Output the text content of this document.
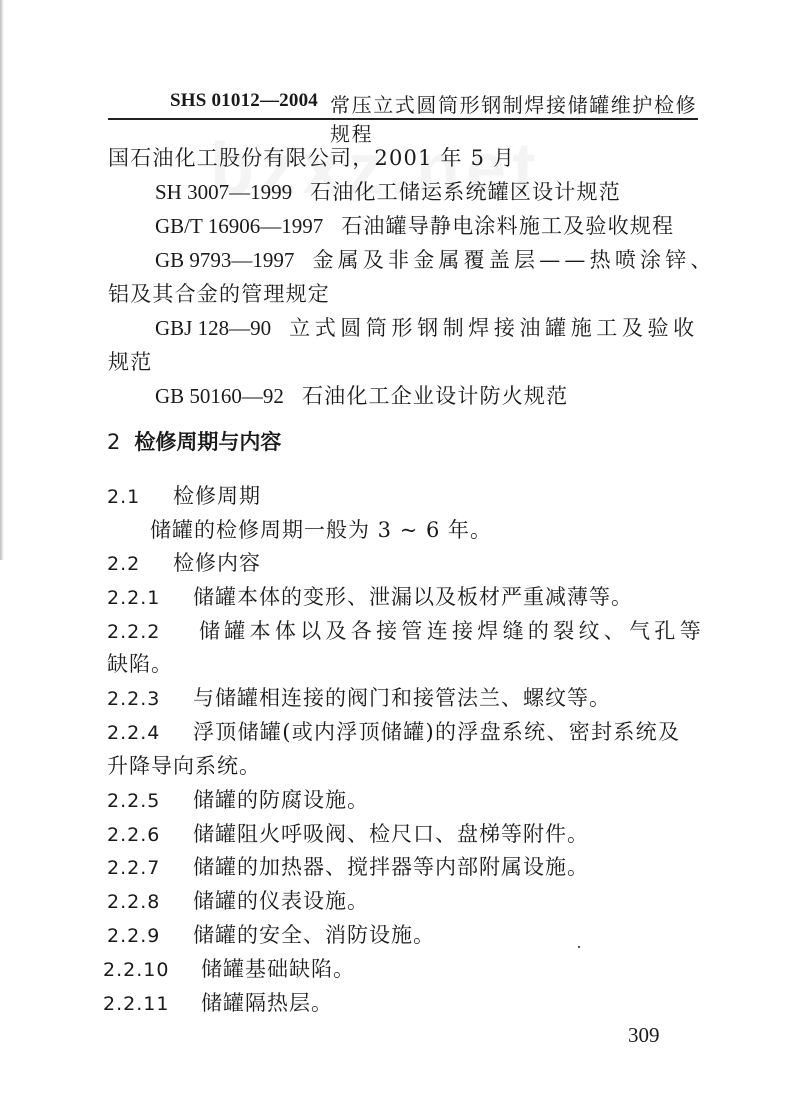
SHS 01012—2004 常压立式圆筒形钢制焊接储罐维护检修规程
国石油化工股份有限公司，2001 年 5 月
SH 3007—1999 石油化工储运系统罐区设计规范
GB/T 16906—1997 石油罐导静电涂料施工及验收规程
GB 9793—1997 金属及非金属覆盖层——热喷涂锌、
铝及其合金的管理规定
GBJ 128—90 立式圆筒形钢制焊接油罐施工及验收
规范
GB 50160—92 石油化工企业设计防火规范
2 检修周期与内容
2.1 检修周期
储罐的检修周期一般为 3 ~ 6 年。
2.2 检修内容
2.2.1 储罐本体的变形、泄漏以及板材严重减薄等。
2.2.2 储罐本体以及各接管连接焊缝的裂纹、气孔等
缺陷。
2.2.3 与储罐相连接的阀门和接管法兰、螺纹等。
2.2.4 浮顶储罐(或内浮顶储罐)的浮盘系统、密封系统及
升降导向系统。
2.2.5 储罐的防腐设施。
2.2.6 储罐阻火呼吸阀、检尺口、盘梯等附件。
2.2.7 储罐的加热器、搅拌器等内部附属设施。
2.2.8 储罐的仪表设施。
2.2.9 储罐的安全、消防设施。
2.2.10 储罐基础缺陷。
2.2.11 储罐隔热层。
309
